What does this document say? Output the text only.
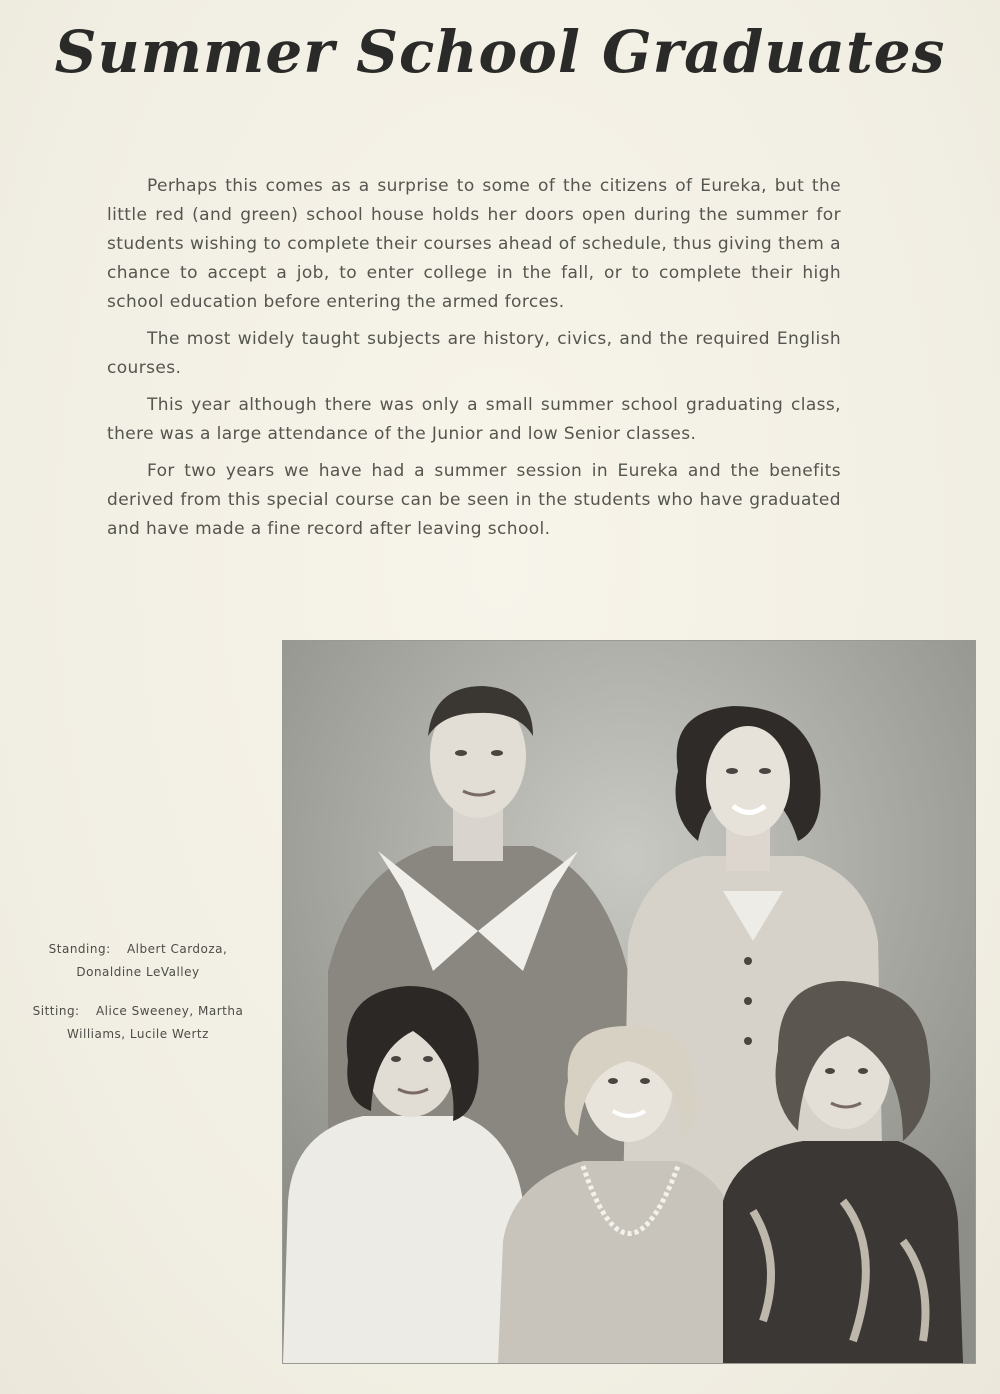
Summer School Graduates

Perhaps this comes as a surprise to some of the citizens of Eureka, but the little red (and green) school house holds her doors open during the summer for students wishing to complete their courses ahead of schedule, thus giving them a chance to accept a job, to enter college in the fall, or to complete their high school education before entering the armed forces.

The most widely taught subjects are history, civics, and the required English courses.

This year although there was only a small summer school graduating class, there was a large attendance of the Junior and low Senior classes.

For two years we have had a summer session in Eureka and the benefits derived from this special course can be seen in the students who have graduated and have made a fine record after leaving school.

Standing: Albert Cardoza, Donaldine LeValley
Sitting: Alice Sweeney, Martha Williams, Lucile Wertz
